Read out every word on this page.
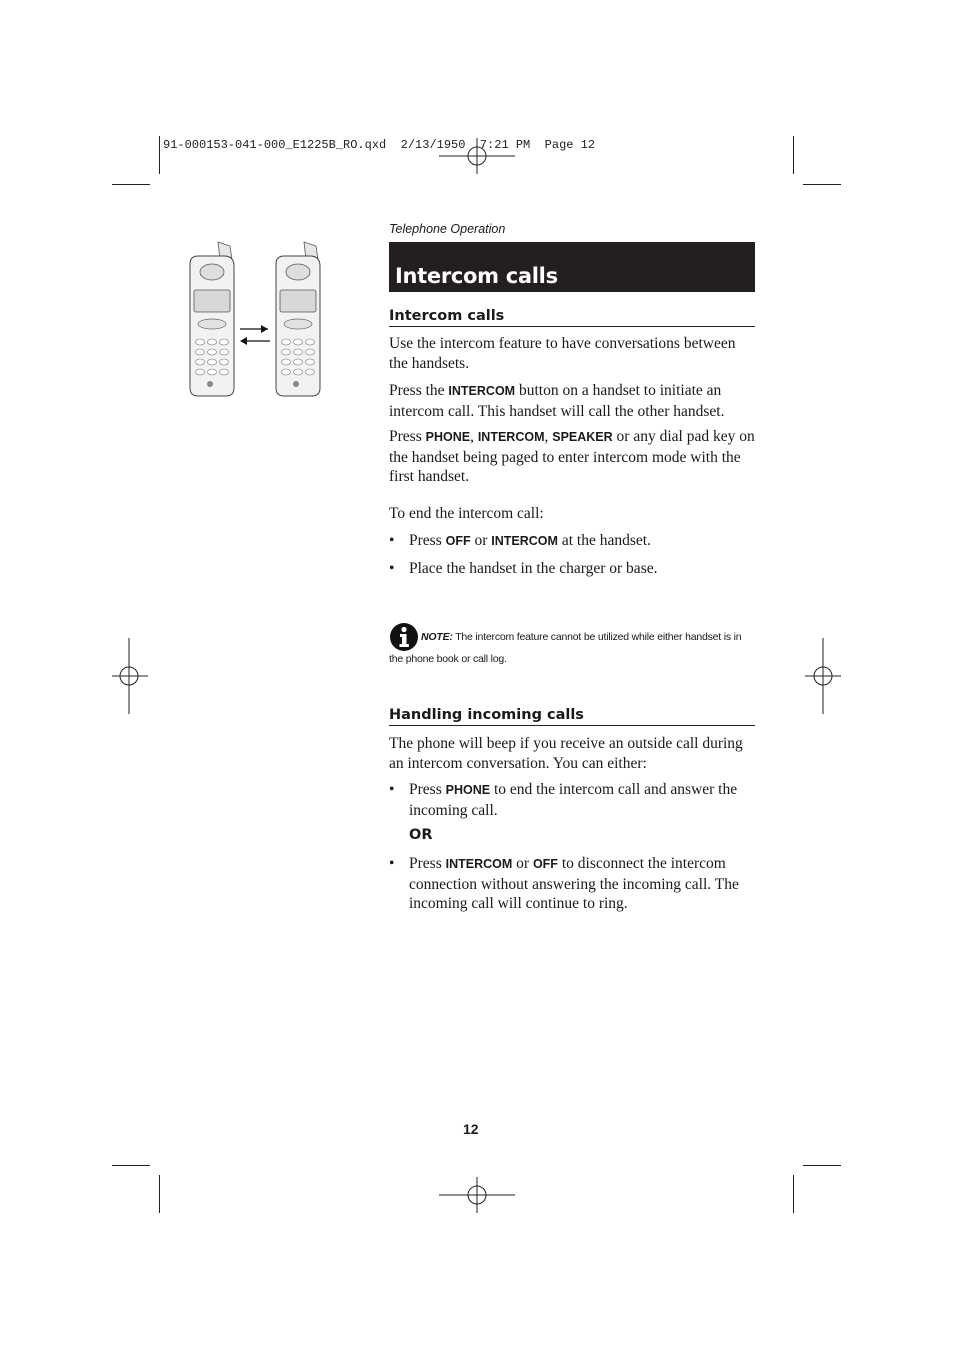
91-000153-041-000_E1225B_RO.qxd  2/13/1950  7:21 PM  Page 12
Telephone Operation
Intercom calls
Intercom calls
Use the intercom feature to have conversations between the handsets.
Press the INTERCOM button on a handset to initiate an intercom call. This handset will call the other handset.
Press PHONE, INTERCOM, SPEAKER or any dial pad key on the handset being paged to enter intercom mode with the first handset.
To end the intercom call:
• Press OFF or INTERCOM at the handset.
• Place the handset in the charger or base.
NOTE: The intercom feature cannot be utilized while either handset is in the phone book or call log.
Handling incoming calls
The phone will beep if you receive an outside call during an intercom conversation. You can either:
• Press PHONE to end the intercom call and answer the incoming call.
OR
• Press INTERCOM or OFF to disconnect the intercom connection without answering the incoming call. The incoming call will continue to ring.
12
